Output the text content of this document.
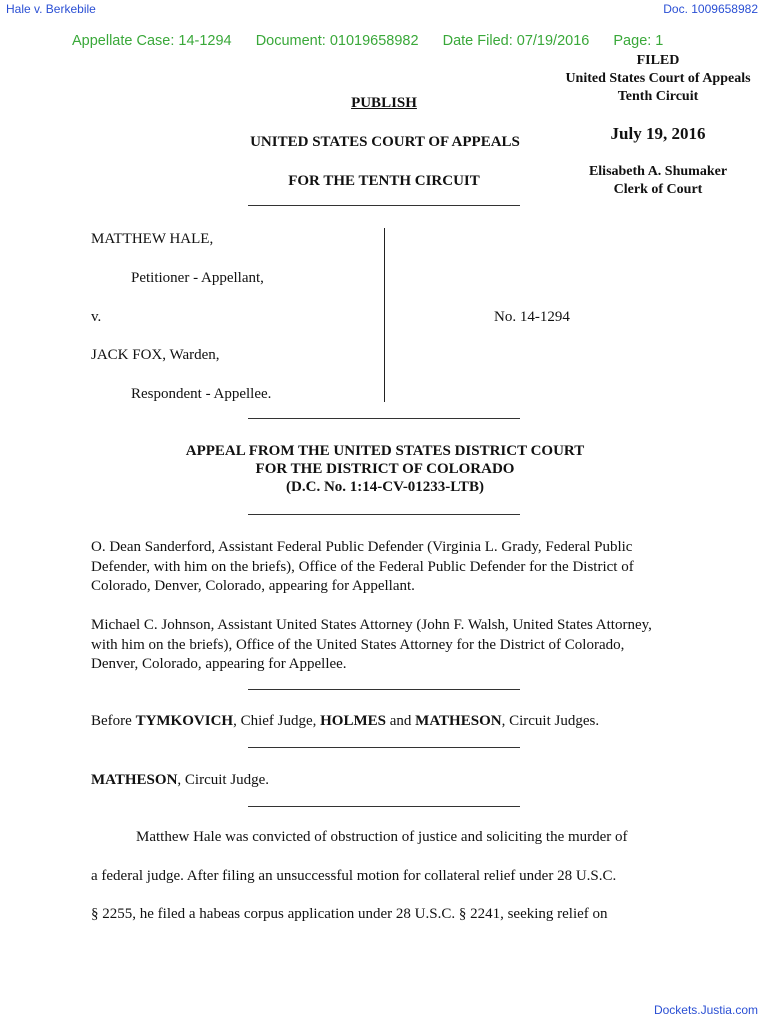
Hale v. Berkebile	Doc. 1009658982
Appellate Case: 14-1294 Document: 01019658982 Date Filed: 07/19/2016 Page: 1
FILED
United States Court of Appeals
Tenth Circuit
July 19, 2016
Elisabeth A. Shumaker
Clerk of Court
PUBLISH
UNITED STATES COURT OF APPEALS
FOR THE TENTH CIRCUIT
MATTHEW HALE,
Petitioner - Appellant,
v.
JACK FOX, Warden,
Respondent - Appellee.
No. 14-1294
APPEAL FROM THE UNITED STATES DISTRICT COURT
FOR THE DISTRICT OF COLORADO
(D.C. No. 1:14-CV-01233-LTB)
O. Dean Sanderford, Assistant Federal Public Defender (Virginia L. Grady, Federal Public Defender, with him on the briefs), Office of the Federal Public Defender for the District of Colorado, Denver, Colorado, appearing for Appellant.
Michael C. Johnson, Assistant United States Attorney (John F. Walsh, United States Attorney, with him on the briefs), Office of the United States Attorney for the District of Colorado, Denver, Colorado, appearing for Appellee.
Before TYMKOVICH, Chief Judge, HOLMES and MATHESON, Circuit Judges.
MATHESON, Circuit Judge.
Matthew Hale was convicted of obstruction of justice and soliciting the murder of
a federal judge. After filing an unsuccessful motion for collateral relief under 28 U.S.C.
§ 2255, he filed a habeas corpus application under 28 U.S.C. § 2241, seeking relief on
Dockets.Justia.com
